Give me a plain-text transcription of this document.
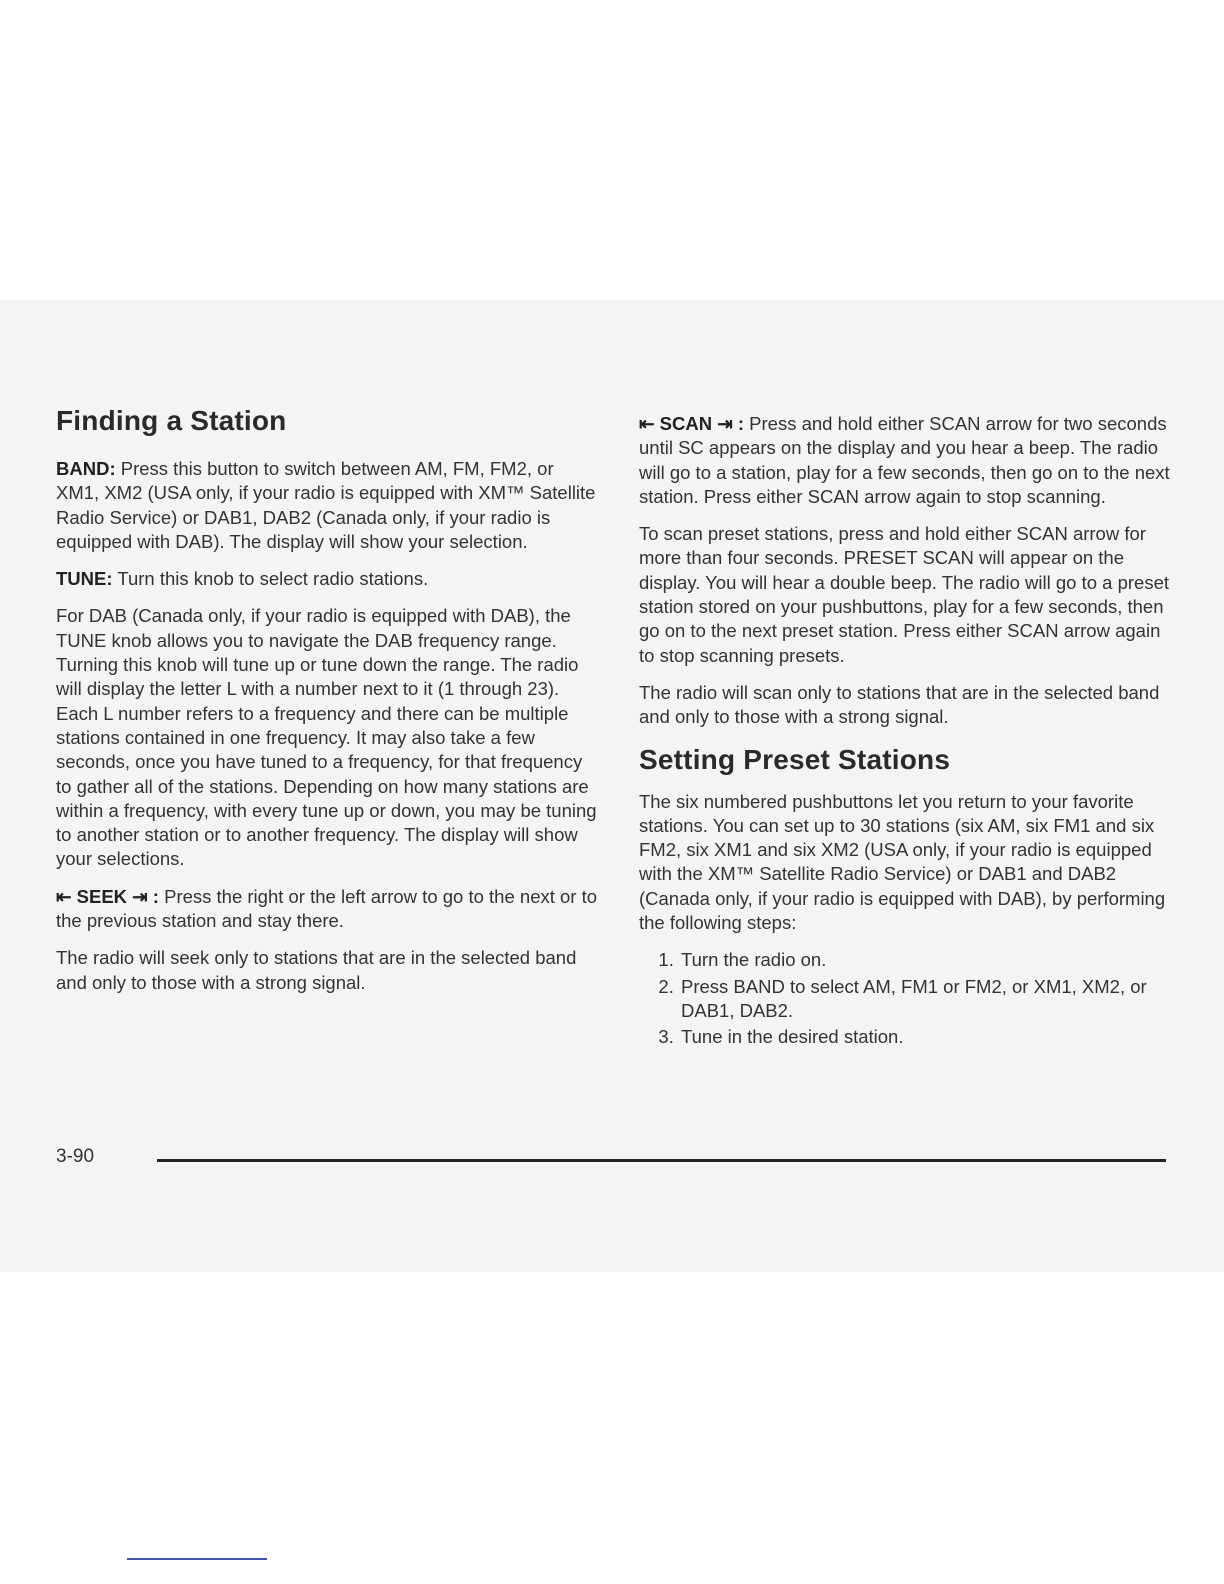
Finding a Station

BAND: Press this button to switch between AM, FM, FM2, or XM1, XM2 (USA only, if your radio is equipped with XM™ Satellite Radio Service) or DAB1, DAB2 (Canada only, if your radio is equipped with DAB). The display will show your selection.

TUNE: Turn this knob to select radio stations.

For DAB (Canada only, if your radio is equipped with DAB), the TUNE knob allows you to navigate the DAB frequency range. Turning this knob will tune up or tune down the range. The radio will display the letter L with a number next to it (1 through 23). Each L number refers to a frequency and there can be multiple stations contained in one frequency. It may also take a few seconds, once you have tuned to a frequency, for that frequency to gather all of the stations. Depending on how many stations are within a frequency, with every tune up or down, you may be tuning to another station or to another frequency. The display will show your selections.

⇤ SEEK ⇥ : Press the right or the left arrow to go to the next or to the previous station and stay there.

The radio will seek only to stations that are in the selected band and only to those with a strong signal.

⇤ SCAN ⇥ : Press and hold either SCAN arrow for two seconds until SC appears on the display and you hear a beep. The radio will go to a station, play for a few seconds, then go on to the next station. Press either SCAN arrow again to stop scanning.

To scan preset stations, press and hold either SCAN arrow for more than four seconds. PRESET SCAN will appear on the display. You will hear a double beep. The radio will go to a preset station stored on your pushbuttons, play for a few seconds, then go on to the next preset station. Press either SCAN arrow again to stop scanning presets.

The radio will scan only to stations that are in the selected band and only to those with a strong signal.

Setting Preset Stations

The six numbered pushbuttons let you return to your favorite stations. You can set up to 30 stations (six AM, six FM1 and six FM2, six XM1 and six XM2 (USA only, if your radio is equipped with the XM™ Satellite Radio Service) or DAB1 and DAB2 (Canada only, if your radio is equipped with DAB), by performing the following steps:

1. Turn the radio on.
2. Press BAND to select AM, FM1 or FM2, or XM1, XM2, or DAB1, DAB2.
3. Tune in the desired station.
3-90
